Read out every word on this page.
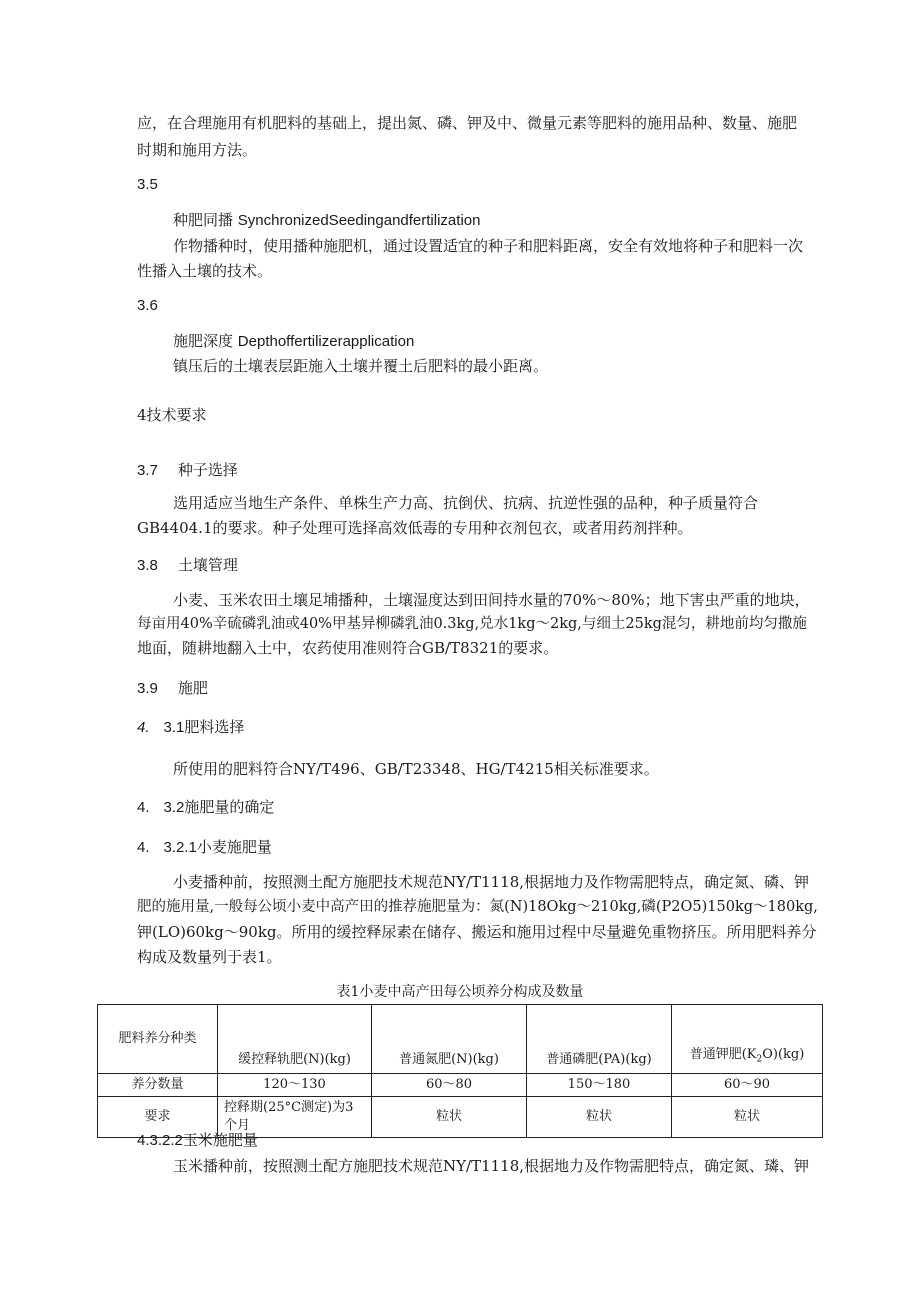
应，在合理施用有机肥料的基础上，提出氮、磷、钾及中、微量元素等肥料的施用品种、数量、施肥
时期和施用方法。
3.5
种肥同播 SynchronizedSeedingandfertilization
作物播种时，使用播种施肥机，通过设置适宜的种子和肥料距离，安全有效地将种子和肥料一次
性播入土壤的技术。
3.6
施肥深度 Depthoffertilizerapplication
镇压后的土壤表层距施入土壤并覆土后肥料的最小距离。
4技术要求
3.7 种子选择
选用适应当地生产条件、单株生产力高、抗倒伏、抗病、抗逆性强的品种，种子质量符合
GB4404.1的要求。种子处理可选择高效低毒的专用种衣剂包衣，或者用药剂拌种。
3.8 土壤管理
小麦、玉米农田土壤足埔播种，土壤湿度达到田间持水量的70%～80%；地下害虫严重的地块，
每亩用40%辛硫磷乳油或40%甲基异柳磷乳油0.3kg,兑水1kg～2kg,与细土25kg混匀，耕地前均匀撒施
地面，随耕地翻入土中，农药使用准则符合GB/T8321的要求。
3.9 施肥
4. 3.1肥料选择
所使用的肥料符合NY/T496、GB/T23348、HG/T4215相关标准要求。
4. 3.2施肥量的确定
4. 3.2.1小麦施肥量
小麦播种前，按照测土配方施肥技术规范NY/T1118,根据地力及作物需肥特点，确定氮、磷、钾
肥的施用量,一般每公顷小麦中高产田的推荐施肥量为：氮(N)18Okg～210kg,磷(P2O5)150kg～180kg,
钾(LO)60kg～90kg。所用的缓控释尿素在储存、搬运和施用过程中尽量避免重物挤压。所用肥料养分
构成及数量列于表1。
表1小麦中高产田每公顷养分构成及数量
肥料养分种类	缓控释轨肥(N)(kg)	普通氮肥(N)(kg)	普通磷肥(PA)(kg)	普通钾肥$(K_2O)(kg)$
养分数量	120～130	60～80	150～180	60～90
要求	控释期(25°C测定)为3
个月	粒状	粒状	粒状
4.3.2.2玉米施肥量
玉米播种前，按照测土配方施肥技术规范NY/T1118,根据地力及作物需肥特点，确定氮、璘、钾
